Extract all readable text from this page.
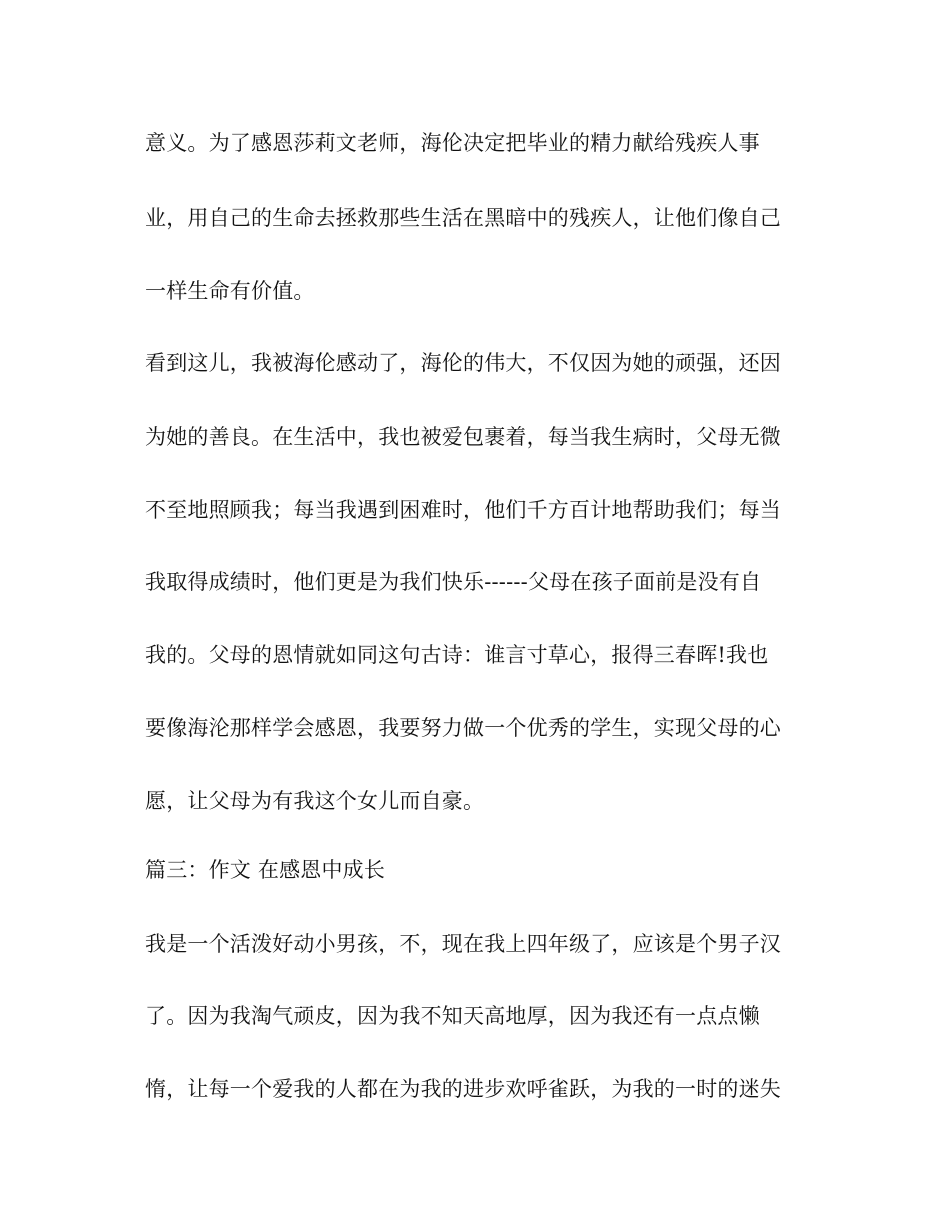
意义。为了感恩莎莉文老师，海伦决定把毕业的精力献给残疾人事
业，用自己的生命去拯救那些生活在黑暗中的残疾人，让他们像自己
一样生命有价值。
看到这儿，我被海伦感动了，海伦的伟大，不仅因为她的顽强，还因
为她的善良。在生活中，我也被爱包裹着，每当我生病时，父母无微
不至地照顾我；每当我遇到困难时，他们千方百计地帮助我们；每当
我取得成绩时，他们更是为我们快乐------父母在孩子面前是没有自
我的。父母的恩情就如同这句古诗：谁言寸草心，报得三春晖!我也
要像海沦那样学会感恩，我要努力做一个优秀的学生，实现父母的心
愿，让父母为有我这个女儿而自豪。
篇三：作文 在感恩中成长
我是一个活泼好动小男孩，不，现在我上四年级了，应该是个男子汉
了。因为我淘气顽皮，因为我不知天高地厚，因为我还有一点点懒
惰，让每一个爱我的人都在为我的进步欢呼雀跃，为我的一时的迷失
